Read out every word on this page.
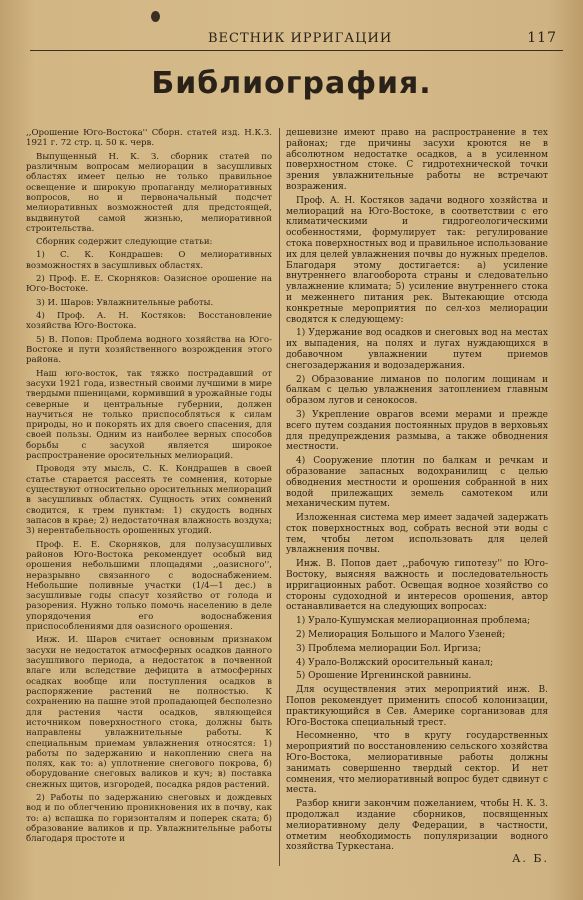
ВЕСТНИК ИРРИГАЦИИ	117
Библиография.

,,Орошение Юго-Востока'' Сборн. статей изд. Н.К.З. 1921 г. 72 стр. ц. 50 к. черв.

Выпущенный Н. К. З. сборник статей по различным вопросам мелиорации в засушливых областях имеет целью не только правильное освещение и широкую пропаганду мелиоративных вопросов, но и первоначальный подсчет мелиоративных возможностей для предстоящей, выдвинутой самой жизнью, мелиоративной строительства.

Сборник содержит следующие статьи:

1) С. К. Кондрашев: О мелиоративных возможностях в засушливых областях.

2) Проф. Е. Е. Скорняков: Оазисное орошение на Юго-Востоке.

3) И. Шаров: Увлажнительные работы.

4) Проф. А. Н. Костяков: Восстановление хозяйства Юго-Востока.

5) В. Попов: Проблема водного хозяйства на Юго-Востоке и пути хозяйственного возрождения этого района.

Наш юго-восток, так тяжко пострадавший от засухи 1921 года, известный своими лучшими в мире твердыми пшеницами, кормивший в урожайные годы северные и центральные губернии, должен научиться не только приспособляться к силам природы, но и покорять их для своего спасения, для своей пользы. Одним из наиболее верных способов борьбы с засухой является широкое распространение оросительных мелиораций.

Проводя эту мысль, С. К. Кондрашев в своей статье старается рассеять те сомнения, которые существуют относительно оросительных мелиораций в засушливых областях. Сущность этих сомнений сводится, к трем пунктам: 1) скудость водных запасов в крае; 2) недостаточная влажность воздуха; 3) нерентабельность орошенных угодий.

Проф. Е. Е. Скорняков, для полузасушливых районов Юго-Востока рекомендует особый вид орошения небольшими площадями ,,оазисного'', неразрывно связанного с водоснабжением. Небольшие поливные участки (1/4—1 дес.) в засушливые годы спасут хозяйство от голода и разорения. Нужно только помочь населению в деле упорядочения его водоснабжения приспособлениями для оазисного орошения.

Инж. И. Шаров считает основным признаком засухи не недостаток атмосферных осадков данного засушливого периода, а недостаток в почвенной влаге или вследствие дефицита в атмосферных осадках вообще или поступления осадков в распоряжение растений не полностью. К сохранению на пашне этой пропадающей бесполезно для растения части осадков, являющейся источником поверхностного стока, должны быть направлены увлажнительные работы. К специальным приемам увлажнения относятся: 1) работы по задержанию и накоплению снега на полях, как то: а) уплотнение снегового покрова, б) оборудование снеговых валиков и куч; в) поставка снежных щитов, изгородей, посадка рядов растений.

2) Работы по задержанию снеговых и дождевых вод и по облегчению проникновения их в почву, как то: а) вспашка по горизонталям и поперек ската; б) образование валиков и пр. Увлажнительные работы благодаря простоте и

дешевизне имеют право на распространение в тех районах; где причины засухи кроются не в абсолютном недостатке осадков, а в усиленном поверхностном стоке. С гидротехнической точки зрения увлажнительные работы не встречают возражения.

Проф. А. Н. Костяков задачи водного хозяйства и мелиораций на Юго-Востоке, в соответствии с его климатическими и гидрогеологическими особенностями, формулирует так: регулирование стока поверхностных вод и правильное использование их для целей увлажнения почвы до нужных пределов. Благодаря этому достигается: а) усиление внутреннего влагооборота страны и следовательно увлажнение климата; 5) усиление внутреннего стока и меженнего питания рек. Вытекающие отсюда конкретные мероприятия по сел-хоз мелиорации сводятся к следующему:

1) Удержание вод осадков и снеговых вод на местах их выпадения, на полях и лугах нуждающихся в добавочном увлажнении путем приемов снегозадержания и водозадержания.

2) Образование лиманов по пологим лощинам и балкам с целью увлажнения затоплением главным образом лугов и сенокосов.

3) Укрепление оврагов всеми мерами и прежде всего путем создания постоянных прудов в верховьях для предупреждения размыва, а также обводнения местности.

4) Сооружение плотин по балкам и речкам и образование запасных водохранилищ с целью обводнения местности и орошения собранной в них водой прилежащих земель самотеком или механическим путем.

Изложенная система мер имеет задачей задержать сток поверхностных вод, собрать весной эти воды с тем, чтобы летом использовать для целей увлажнения почвы.

Инж. В. Попов дает ,,рабочую гипотезу'' по Юго-Востоку, выясняя важность и последовательность ирригационных работ. Освещая водное хозяйство со стороны судоходной и интересов орошения, автор останавливается на следующих вопросах:

1) Урало-Кушумская мелиорационная проблема;

2) Мелиорация Большого и Малого Узеней;

3) Проблема мелиорации Бол. Иргиза;

4) Урало-Волжский оросительный канал;

5) Орошение Иргенинской равнины.

Для осуществления этих мероприятий инж. В. Попов рекомендует применить способ колонизации, практикующийся в Сев. Америке сорганизовав для Юго-Востока специальный трест.

Несомненно, что в кругу государственных мероприятий по восстановлению сельского хозяйства Юго-Востока, мелиоративные работы должны занимать совершенно твердый сектор. И нет сомнения, что мелиоративный вопрос будет сдвинут с места.

Разбор книги закончим пожеланием, чтобы Н. К. З. продолжал издание сборников, посвященных мелиоративному делу Федерации, в частности, отметим необходимость популяризации водного хозяйства Туркестана.

А. Б.
